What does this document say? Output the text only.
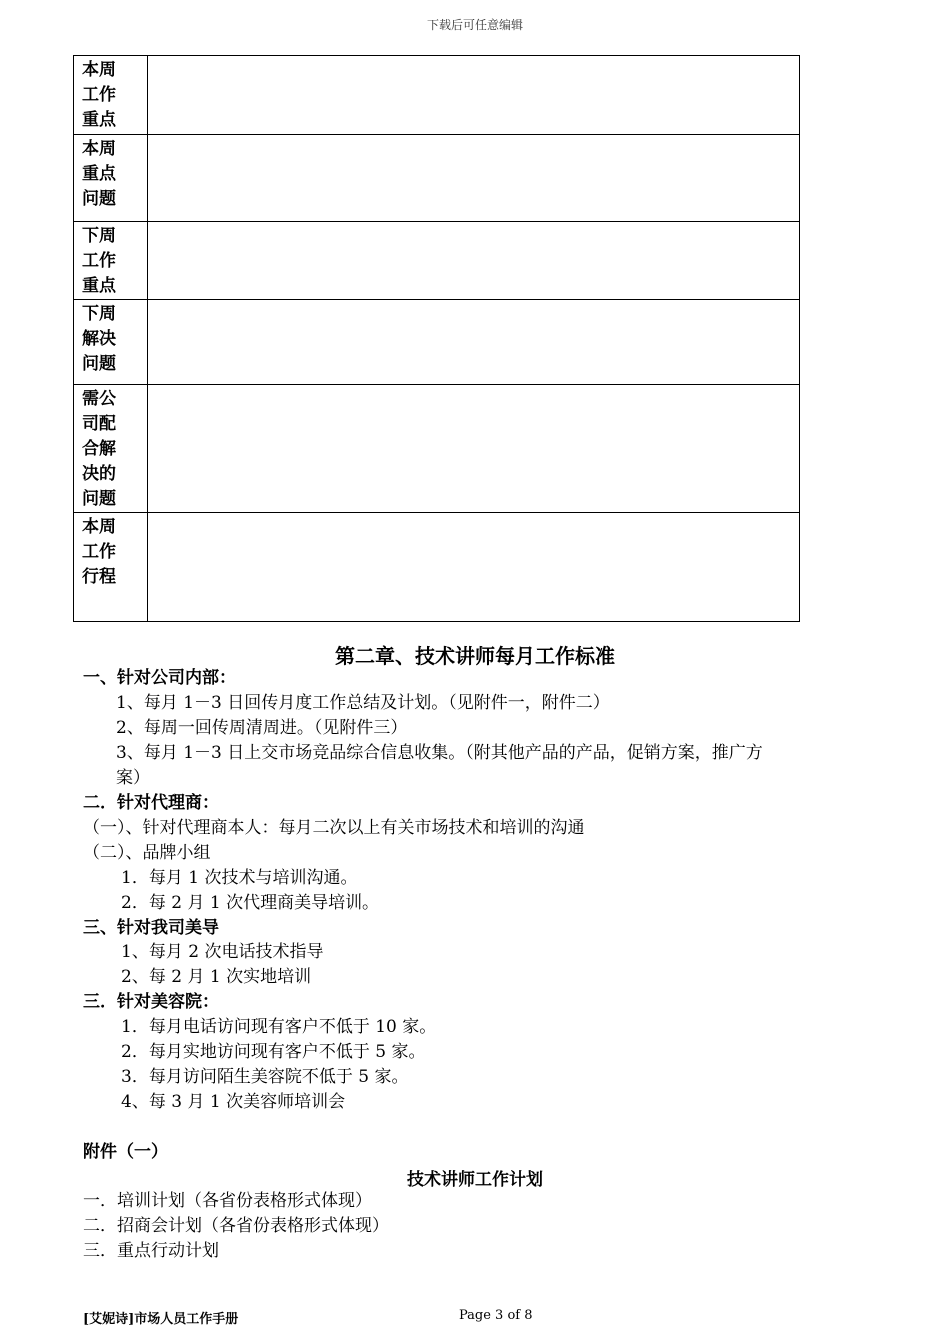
下载后可任意编辑
本周
工作
重点	

本周
重点
问题	

下周
工作
重点	

下周
解决
问题	

需公
司配
合解
决的
问题	

本周
工作
行程	

第二章、技术讲师每月工作标准
一、针对公司内部：
1、每月 1－3 日回传月度工作总结及计划。（见附件一，附件二）
2、每周一回传周清周进。（见附件三）
3、每月 1－3 日上交市场竞品综合信息收集。（附其他产品的产品，促销方案，推广方
案）
二．针对代理商：
（一）、针对代理商本人：每月二次以上有关市场技术和培训的沟通
（二）、品牌小组
1．每月 1 次技术与培训沟通。
2．每 2 月 1 次代理商美导培训。
三、针对我司美导
1、每月 2 次电话技术指导
2、每 2 月 1 次实地培训
三．针对美容院：
1．每月电话访问现有客户不低于 10 家。
2．每月实地访问现有客户不低于 5 家。
3．每月访问陌生美容院不低于 5 家。
4、每 3 月 1 次美容师培训会
附件（一）
技术讲师工作计划
一．培训计划（各省份表格形式体现）
二．招商会计划（各省份表格形式体现）
三．重点行动计划
[艾妮诗]市场人员工作手册	Page 3 of 8
